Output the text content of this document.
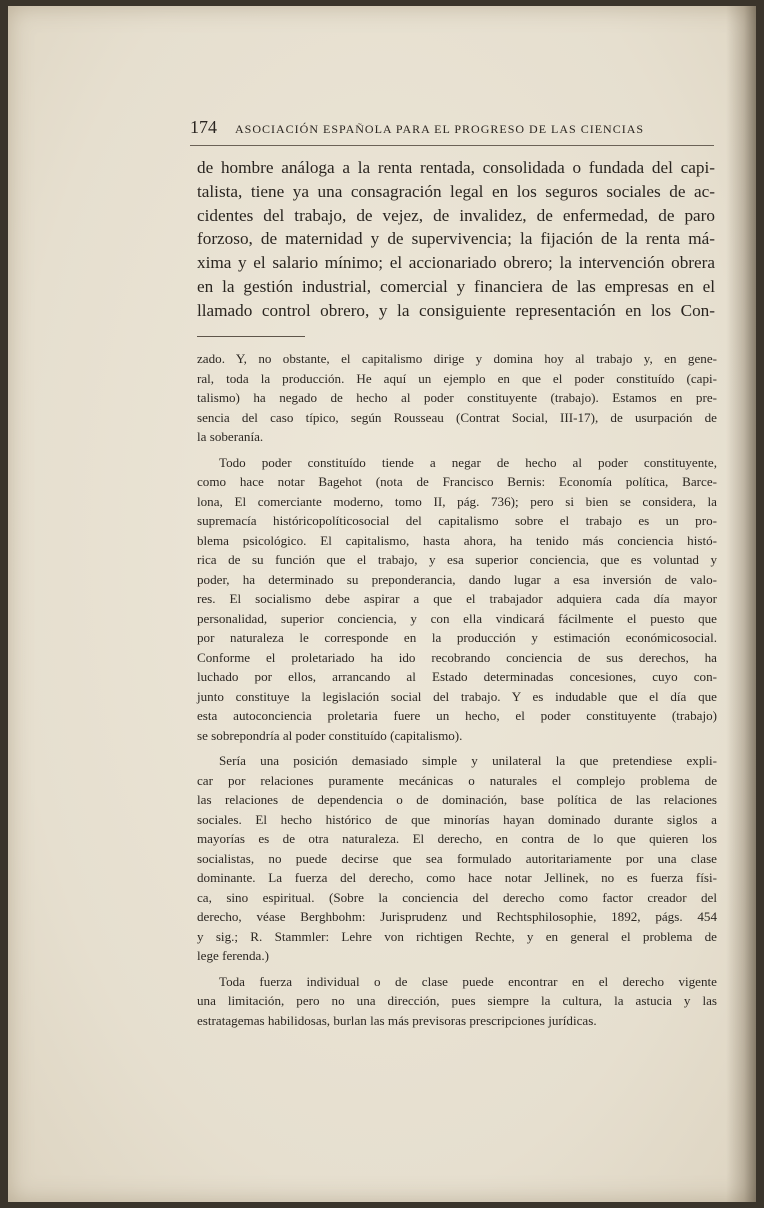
174 ASOCIACIÓN ESPAÑOLA PARA EL PROGRESO DE LAS CIENCIAS
de hombre análoga a la renta rentada, consolidada o fundada del capi-
talista, tiene ya una consagración legal en los seguros sociales de ac-
cidentes del trabajo, de vejez, de invalidez, de enfermedad, de paro
forzoso, de maternidad y de supervivencia; la fijación de la renta má-
xima y el salario mínimo; el accionariado obrero; la intervención obrera
en la gestión industrial, comercial y financiera de las empresas en el
llamado control obrero, y la consiguiente representación en los Con-

zado. Y, no obstante, el capitalismo dirige y domina hoy al trabajo y, en gene-
ral, toda la producción. He aquí un ejemplo en que el poder constituído (capi-
talismo) ha negado de hecho al poder constituyente (trabajo). Estamos en pre-
sencia del caso típico, según Rousseau (Contrat Social, III-17), de usurpación de
la soberanía.

Todo poder constituído tiende a negar de hecho al poder constituyente,
como hace notar Bagehot (nota de Francisco Bernis: Economía política, Barce-
lona, El comerciante moderno, tomo II, pág. 736); pero si bien se considera, la
supremacía históricopolíticosocial del capitalismo sobre el trabajo es un pro-
blema psicológico. El capitalismo, hasta ahora, ha tenido más conciencia histó-
rica de su función que el trabajo, y esa superior conciencia, que es voluntad y
poder, ha determinado su preponderancia, dando lugar a esa inversión de valo-
res. El socialismo debe aspirar a que el trabajador adquiera cada día mayor
personalidad, superior conciencia, y con ella vindicará fácilmente el puesto que
por naturaleza le corresponde en la producción y estimación económicosocial.
Conforme el proletariado ha ido recobrando conciencia de sus derechos, ha
luchado por ellos, arrancando al Estado determinadas concesiones, cuyo con-
junto constituye la legislación social del trabajo. Y es indudable que el día que
esta autoconciencia proletaria fuere un hecho, el poder constituyente (trabajo)
se sobrepondría al poder constituído (capitalismo).

Sería una posición demasiado simple y unilateral la que pretendiese expli-
car por relaciones puramente mecánicas o naturales el complejo problema de
las relaciones de dependencia o de dominación, base política de las relaciones
sociales. El hecho histórico de que minorías hayan dominado durante siglos a
mayorías es de otra naturaleza. El derecho, en contra de lo que quieren los
socialistas, no puede decirse que sea formulado autoritariamente por una clase
dominante. La fuerza del derecho, como hace notar Jellinek, no es fuerza físi-
ca, sino espiritual. (Sobre la conciencia del derecho como factor creador del
derecho, véase Berghbohm: Jurisprudenz und Rechtsphilosophie, 1892, págs. 454
y sig.; R. Stammler: Lehre von richtigen Rechte, y en general el problema de
lege ferenda.)

Toda fuerza individual o de clase puede encontrar en el derecho vigente
una limitación, pero no una dirección, pues siempre la cultura, la astucia y las
estratagemas habilidosas, burlan las más previsoras prescripciones jurídicas.
